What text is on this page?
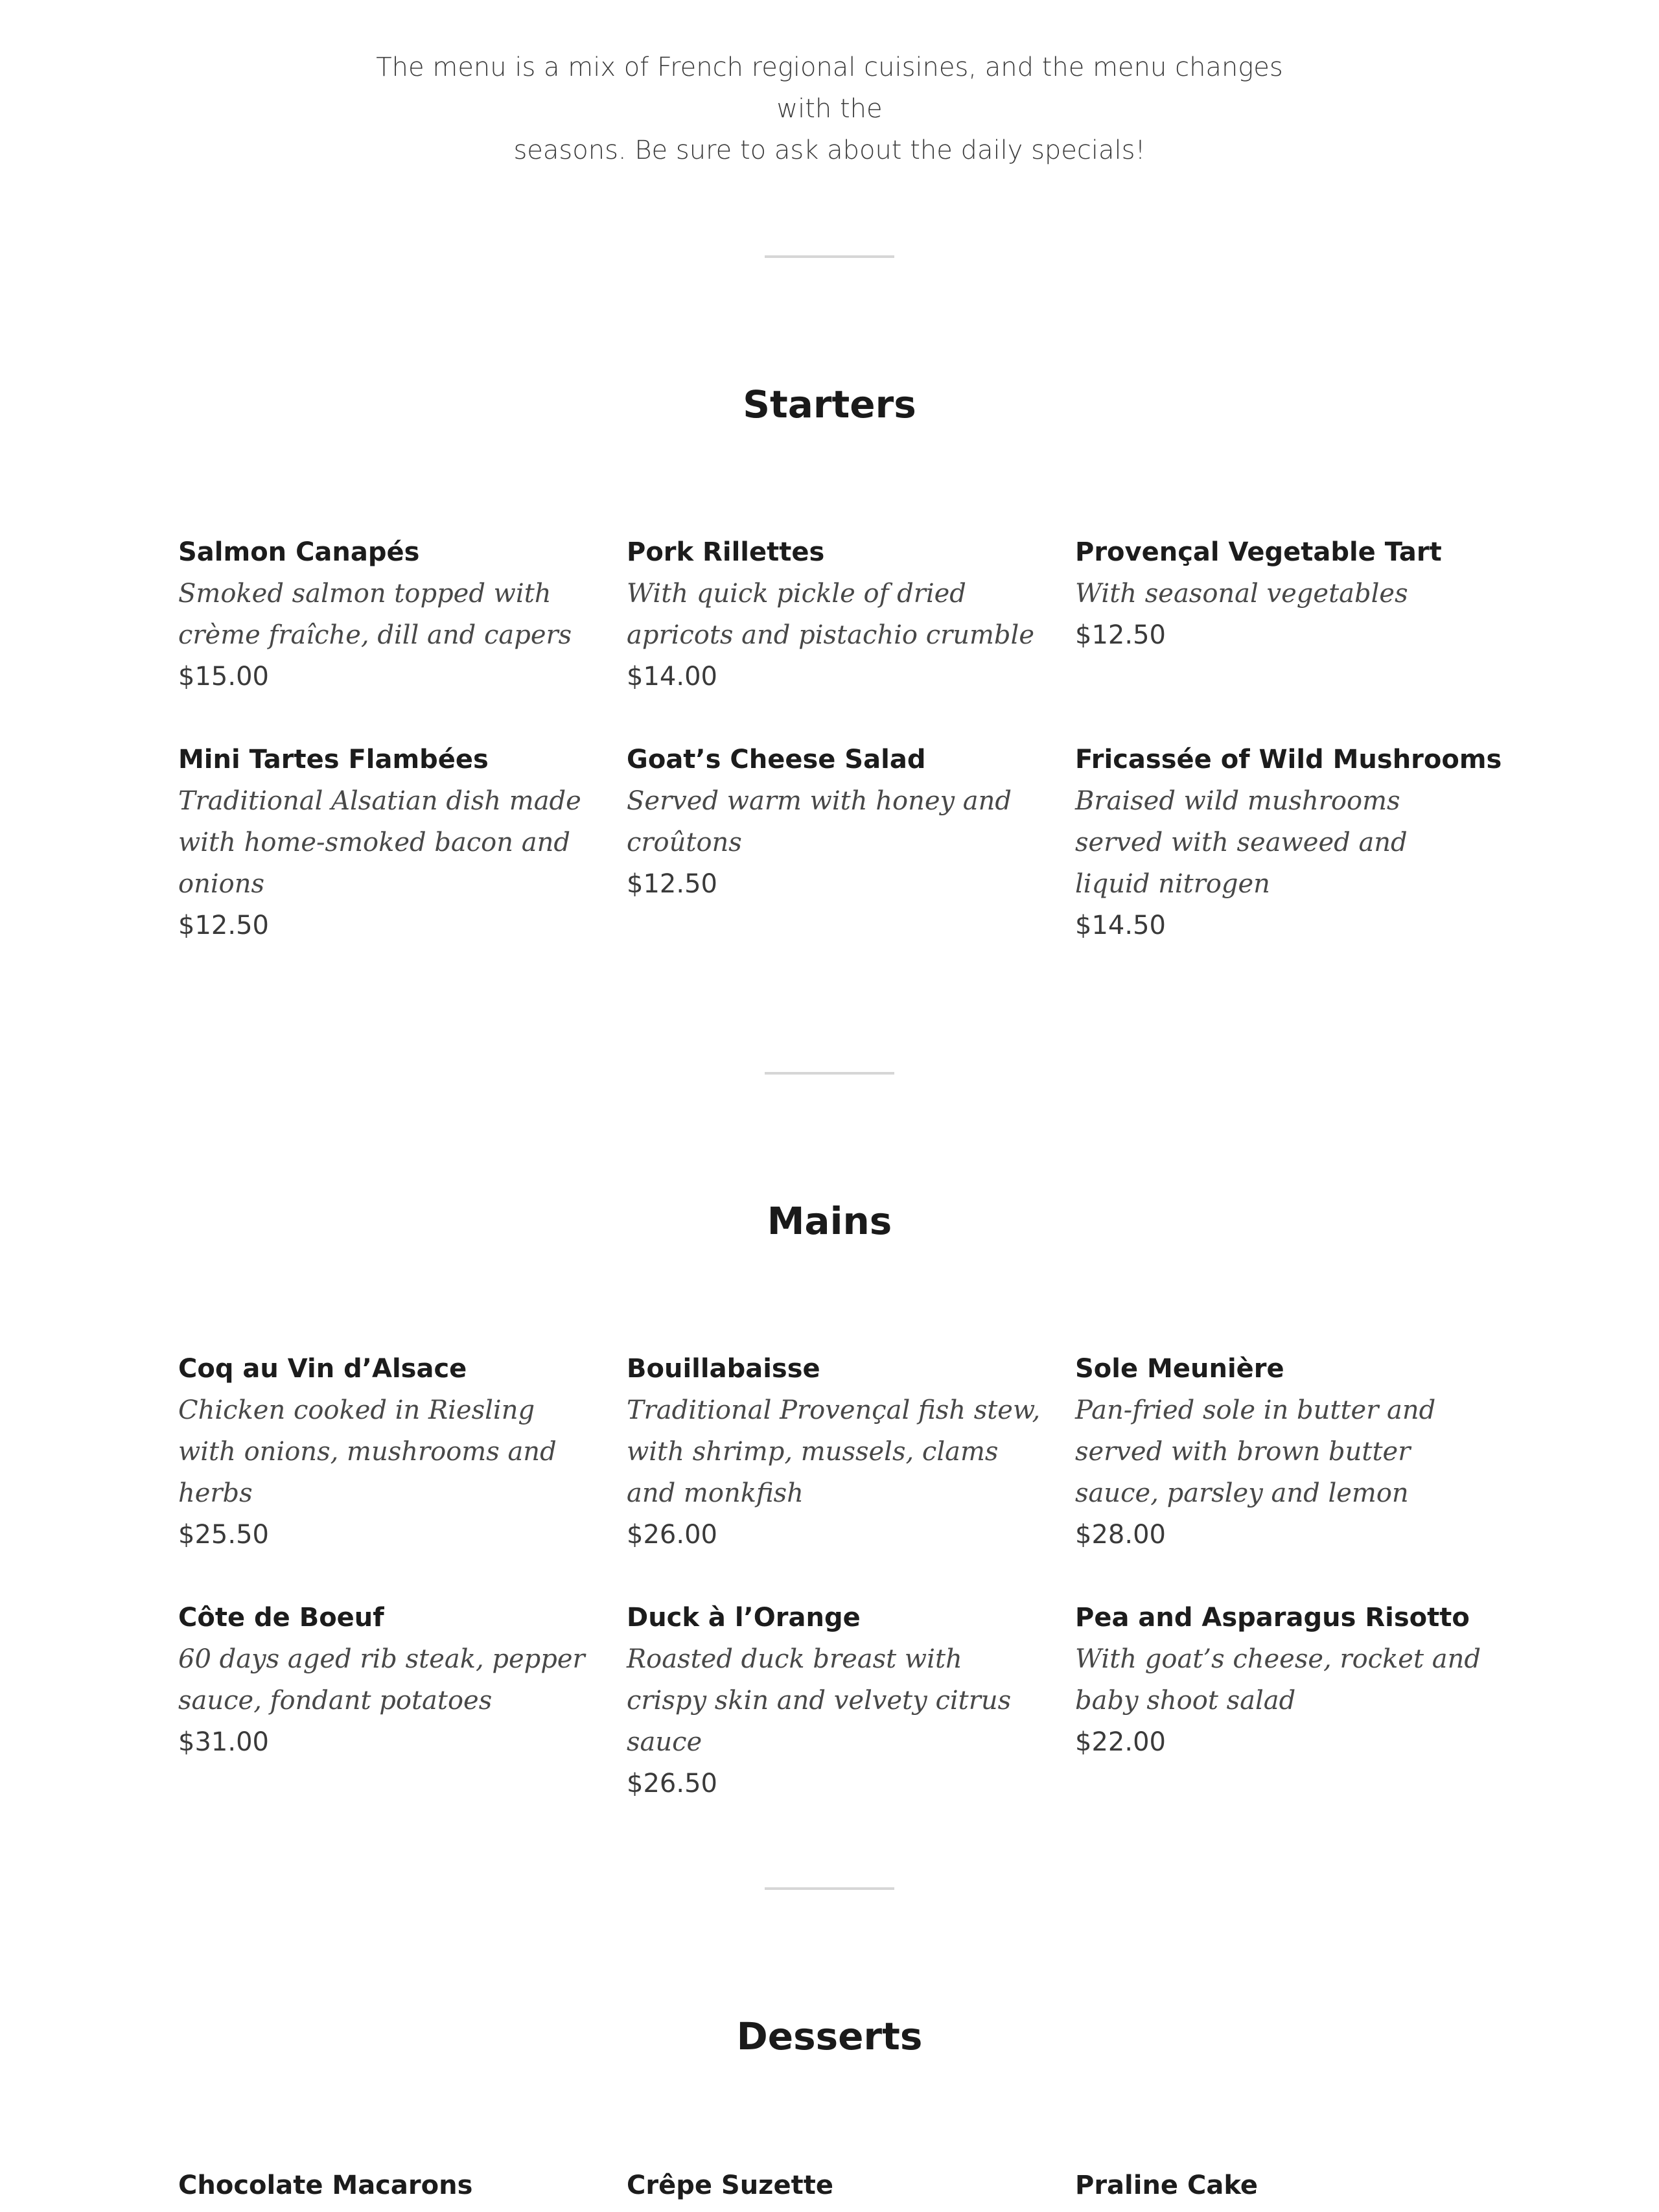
The menu is a mix of French regional cuisines, and the menu changes with the
seasons. Be sure to ask about the daily specials!
Starters
Salmon Canapés
Smoked salmon topped with crème fraîche, dill and capers
$15.00
Pork Rillettes
With quick pickle of dried apricots and pistachio crumble
$14.00
Provençal Vegetable Tart
With seasonal vegetables
$12.50
Mini Tartes Flambées
Traditional Alsatian dish made with home-smoked bacon and onions
$12.50
Goat’s Cheese Salad
Served warm with honey and croûtons
$12.50
Fricassée of Wild Mushrooms
Braised wild mushrooms served with seaweed and liquid nitrogen
$14.50
Mains
Coq au Vin d’Alsace
Chicken cooked in Riesling with onions, mushrooms and herbs
$25.50
Bouillabaisse
Traditional Provençal fish stew, with shrimp, mussels, clams and monkfish
$26.00
Sole Meunière
Pan-fried sole in butter and served with brown butter sauce, parsley and lemon
$28.00
Côte de Boeuf
60 days aged rib steak, pepper sauce, fondant potatoes
$31.00
Duck à l’Orange
Roasted duck breast with crispy skin and velvety citrus sauce
$26.50
Pea and Asparagus Risotto
With goat’s cheese, rocket and baby shoot salad
$22.00
Desserts
Chocolate Macarons	Crêpe Suzette	Praline Cake
